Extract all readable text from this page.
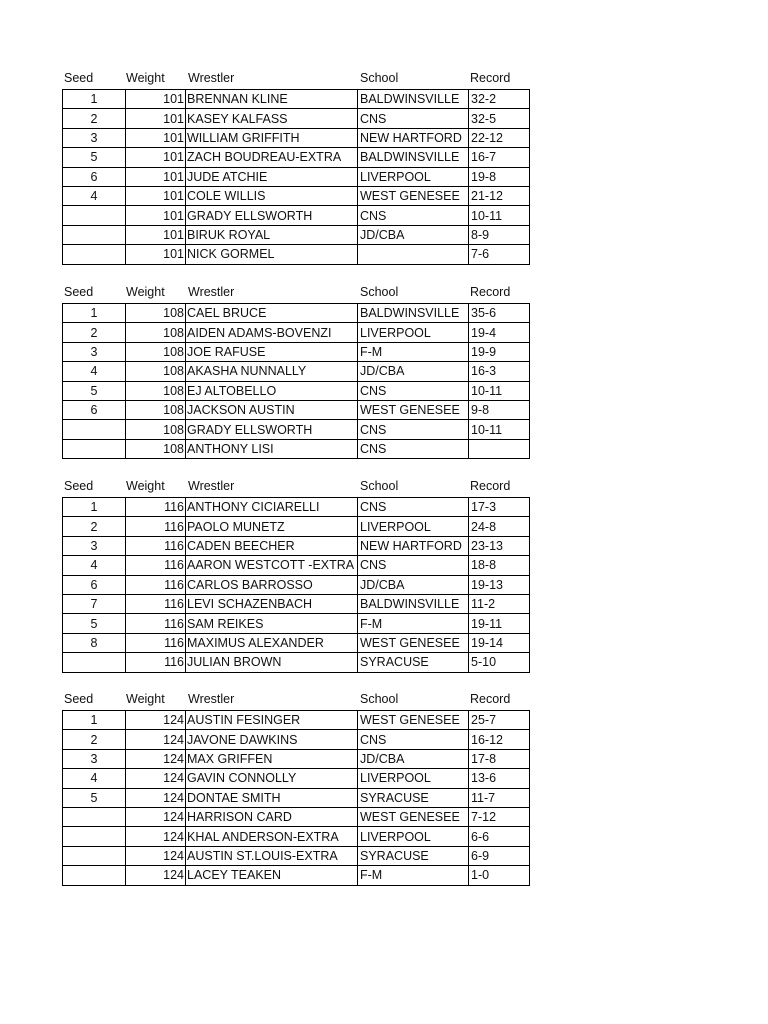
Seed	Weight Wrestler	School	Record
1	101	BRENNAN KLINE	BALDWINSVILLE	32-2
2	101	KASEY KALFASS	CNS	32-5
3	101	WILLIAM GRIFFITH	NEW HARTFORD	22-12
5	101	ZACH BOUDREAU-EXTRA	BALDWINSVILLE	16-7
6	101	JUDE ATCHIE	LIVERPOOL	19-8
4	101	COLE WILLIS	WEST GENESEE	21-12
	101	GRADY ELLSWORTH	CNS	10-11
	101	BIRUK ROYAL	JD/CBA	8-9
	101	NICK GORMEL		7-6
Seed	Weight Wrestler	School	Record
1	108	CAEL BRUCE	BALDWINSVILLE	35-6
2	108	AIDEN ADAMS-BOVENZI	LIVERPOOL	19-4
3	108	JOE RAFUSE	F-M	19-9
4	108	AKASHA NUNNALLY	JD/CBA	16-3
5	108	EJ ALTOBELLO	CNS	10-11
6	108	JACKSON AUSTIN	WEST GENESEE	9-8
	108	GRADY ELLSWORTH	CNS	10-11
	108	ANTHONY LISI	CNS	
Seed	Weight Wrestler	School	Record
1	116	ANTHONY CICIARELLI	CNS	17-3
2	116	PAOLO MUNETZ	LIVERPOOL	24-8
3	116	CADEN BEECHER	NEW HARTFORD	23-13
4	116	AARON WESTCOTT -EXTRA	CNS	18-8
6	116	CARLOS BARROSSO	JD/CBA	19-13
7	116	LEVI SCHAZENBACH	BALDWINSVILLE	11-2
5	116	SAM REIKES	F-M	19-11
8	116	MAXIMUS ALEXANDER	WEST GENESEE	19-14
	116	JULIAN BROWN	SYRACUSE	5-10
Seed	Weight Wrestler	School	Record
1	124	AUSTIN FESINGER	WEST GENESEE	25-7
2	124	JAVONE DAWKINS	CNS	16-12
3	124	MAX GRIFFEN	JD/CBA	17-8
4	124	GAVIN CONNOLLY	LIVERPOOL	13-6
5	124	DONTAE SMITH	SYRACUSE	11-7
	124	HARRISON CARD	WEST GENESEE	7-12
	124	KHAL ANDERSON-EXTRA	LIVERPOOL	6-6
	124	AUSTIN ST.LOUIS-EXTRA	SYRACUSE	6-9
	124	LACEY TEAKEN	F-M	1-0
